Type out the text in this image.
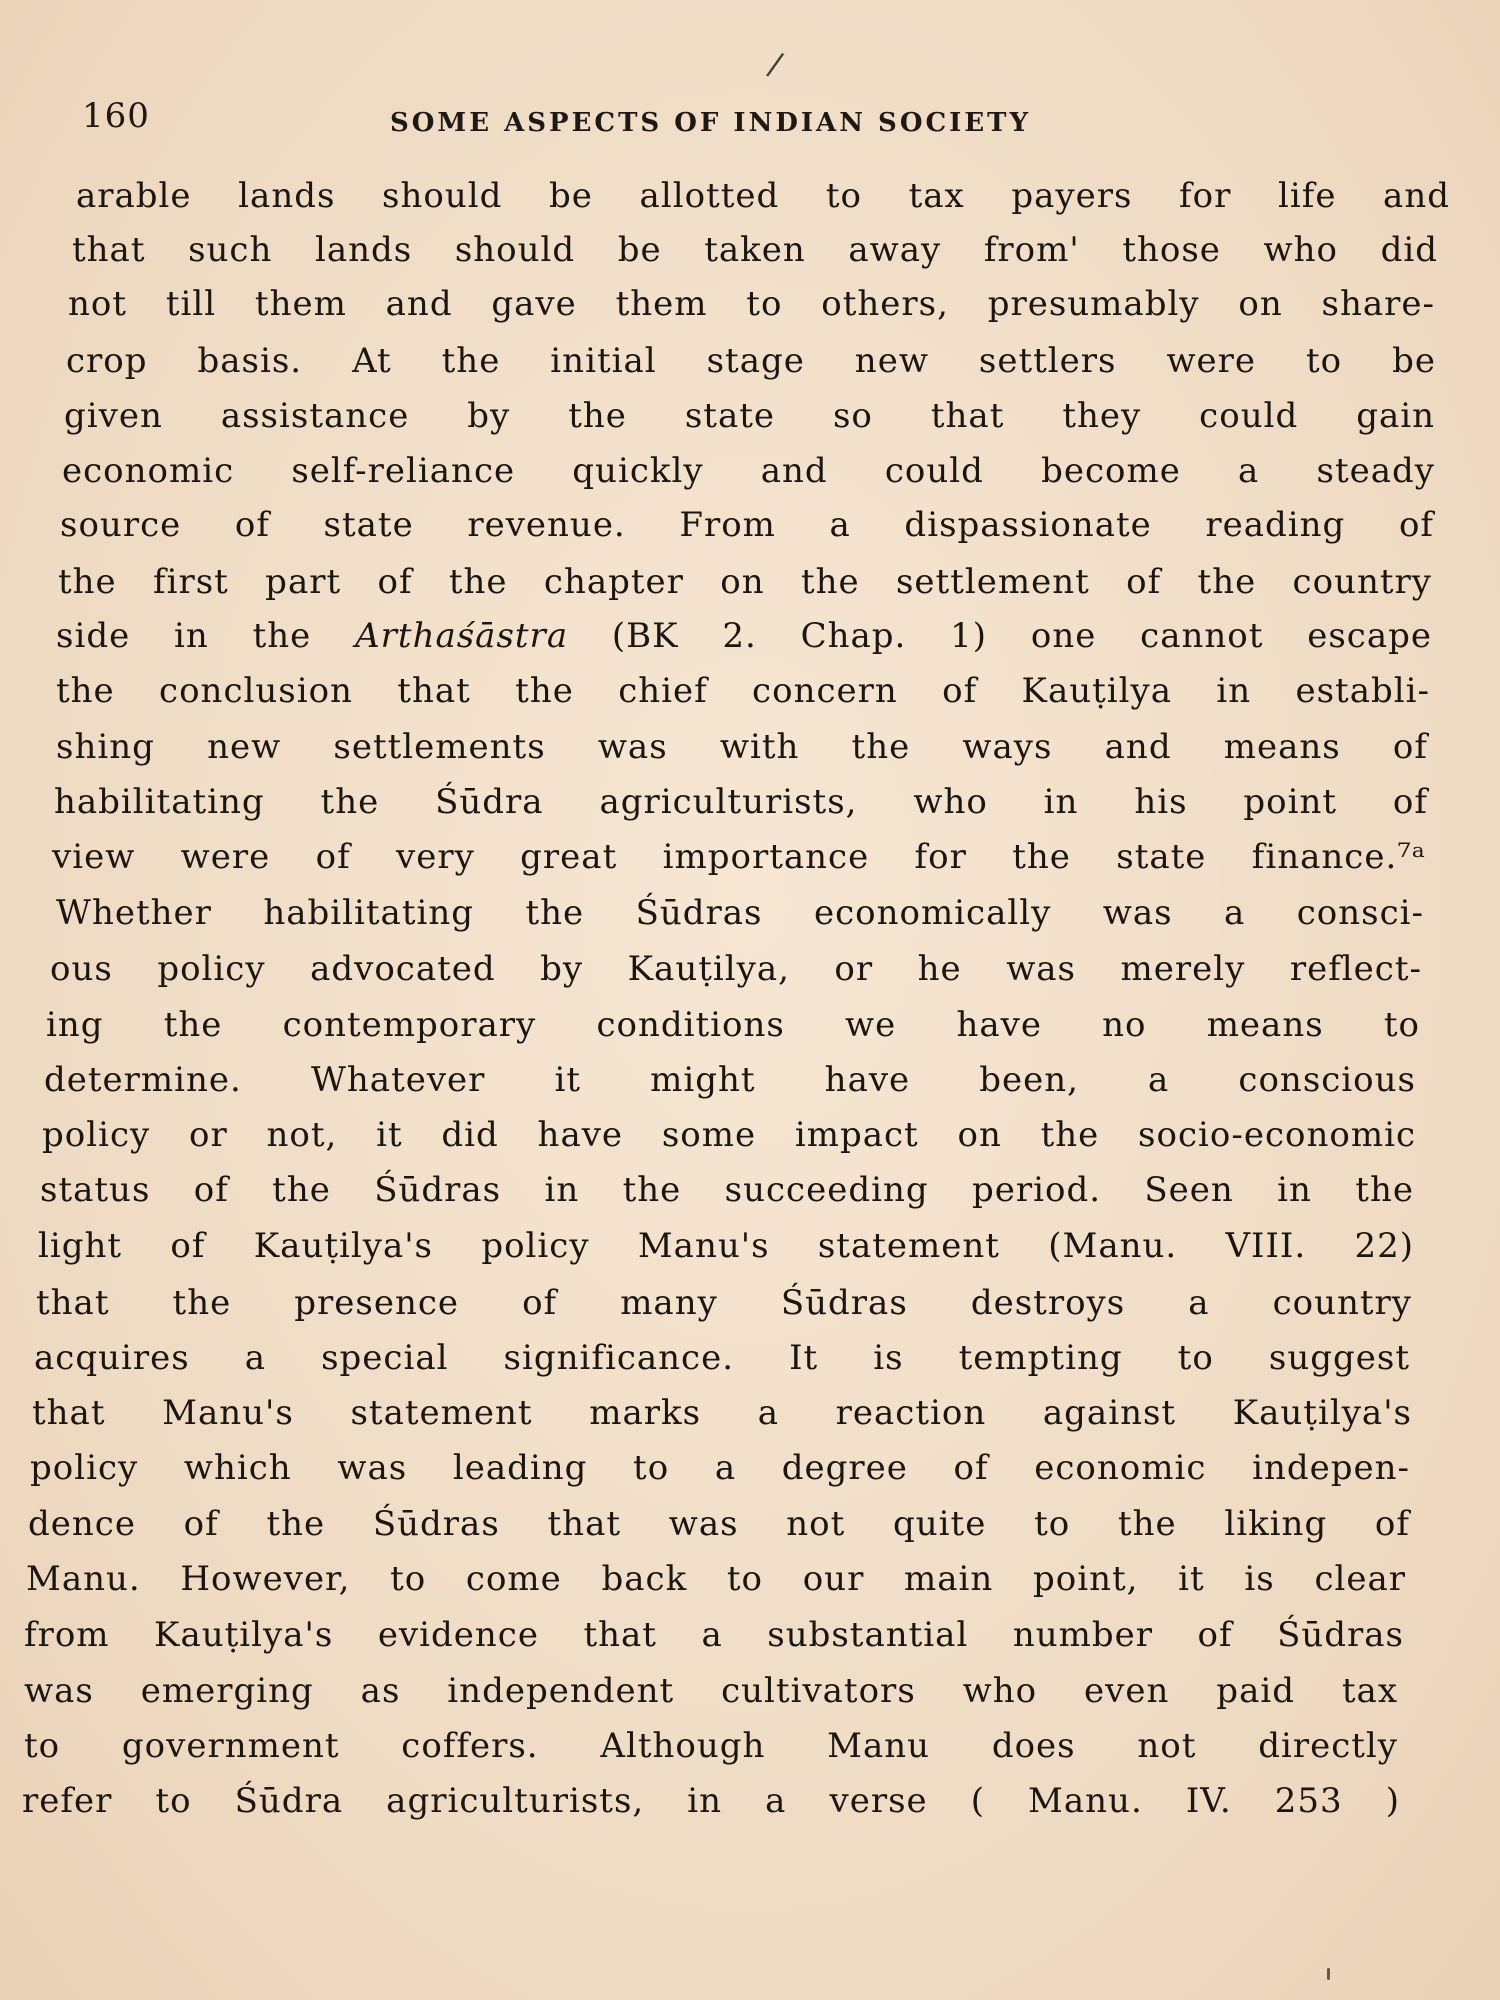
/
160	SOME ASPECTS OF INDIAN SOCIETY
arable lands should be allotted to tax payers for life and
that such lands should be taken away from' those who did
not till them and gave them to others, presumably on share-
crop basis. At the initial stage new settlers were to be
given assistance by the state so that they could gain
economic self-reliance quickly and could become a steady
source of state revenue. From a dispassionate reading of
the first part of the chapter on the settlement of the country
side in the Arthaśāstra (BK 2. Chap. 1) one cannot escape
the conclusion that the chief concern of Kauṭilya in establi-
shing new settlements was with the ways and means of
habilitating the Śūdra agriculturists, who in his point of
view were of very great importance for the state finance.⁷ᵃ
Whether habilitating the Śūdras economically was a consci-
ous policy advocated by Kauṭilya, or he was merely reflect-
ing the contemporary conditions we have no means to
determine. Whatever it might have been, a conscious
policy or not, it did have some impact on the socio-economic
status of the Śūdras in the succeeding period. Seen in the
light of Kauṭilya's policy Manu's statement (Manu. VIII. 22)
that the presence of many Śūdras destroys a country
acquires a special significance. It is tempting to suggest
that Manu's statement marks a reaction against Kauṭilya's
policy which was leading to a degree of economic indepen-
dence of the Śūdras that was not quite to the liking of
Manu. However, to come back to our main point, it is clear
from Kauṭilya's evidence that a substantial number of Śūdras
was emerging as independent cultivators who even paid tax
to government coffers. Although Manu does not directly
refer to Śūdra agriculturists, in a verse ( Manu. IV. 253 )
